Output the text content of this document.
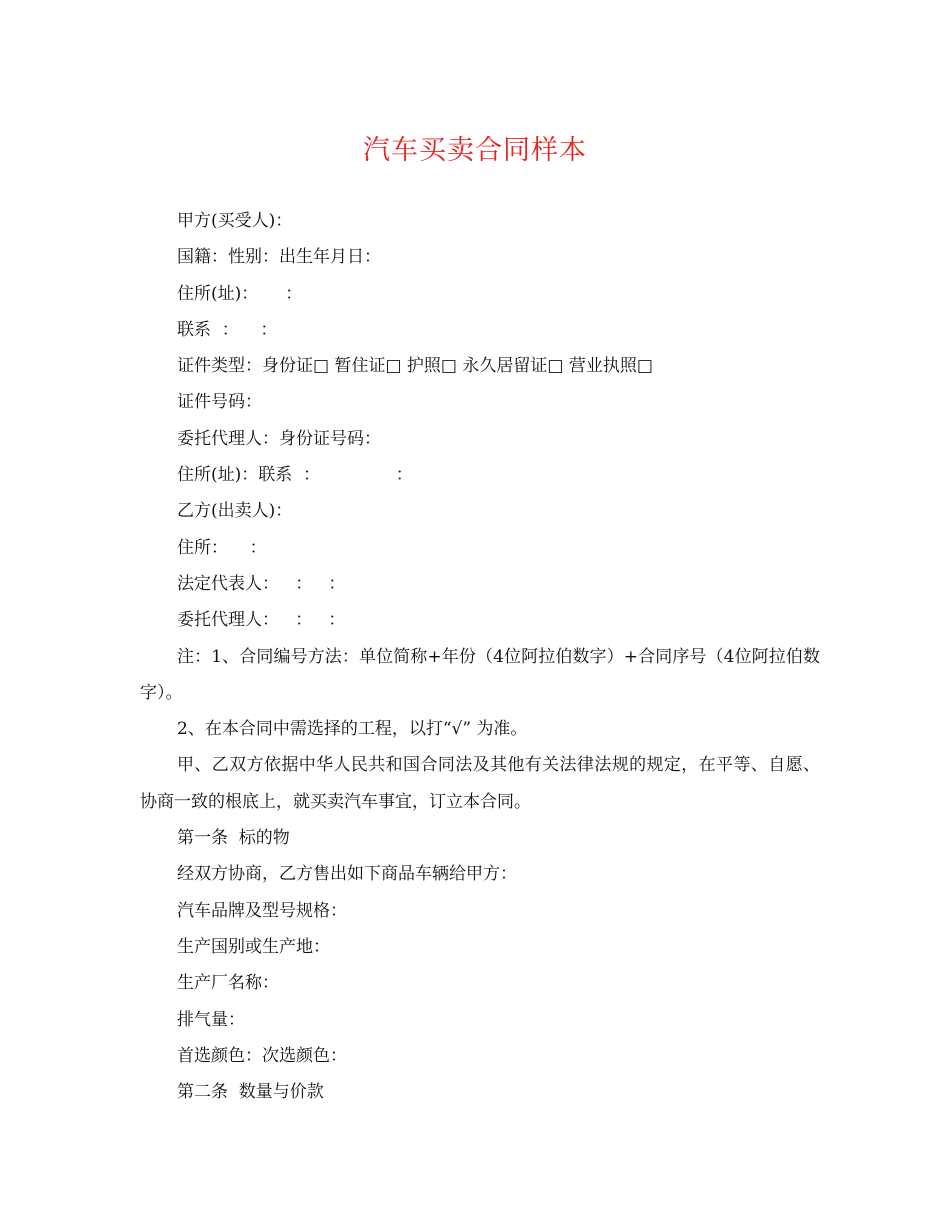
汽车买卖合同样本
甲方(买受人)：
国籍：性别：出生年月日：
住所(址)：     ：
联系  ：    ：
证件类型：身份证□ 暂住证□ 护照□ 永久居留证□ 营业执照□
证件号码：
委托代理人：身份证号码：
住所(址)：联系  ：              ：
乙方(出卖人)：
住所：    ：
法定代表人：   ：   ：
委托代理人：   ：   ：
注：1、合同编号方法：单位简称+年份（4位阿拉伯数字）+合同序号（4位阿拉伯数字）。
2、在本合同中需选择的工程，以打“√” 为准。
甲、乙双方依据中华人民共和国合同法及其他有关法律法规的规定，在平等、自愿、协商一致的根底上，就买卖汽车事宜，订立本合同。
第一条  标的物
经双方协商，乙方售出如下商品车辆给甲方：
汽车品牌及型号规格：
生产国别或生产地：
生产厂名称：
排气量：
首选颜色：次选颜色：
第二条  数量与价款
